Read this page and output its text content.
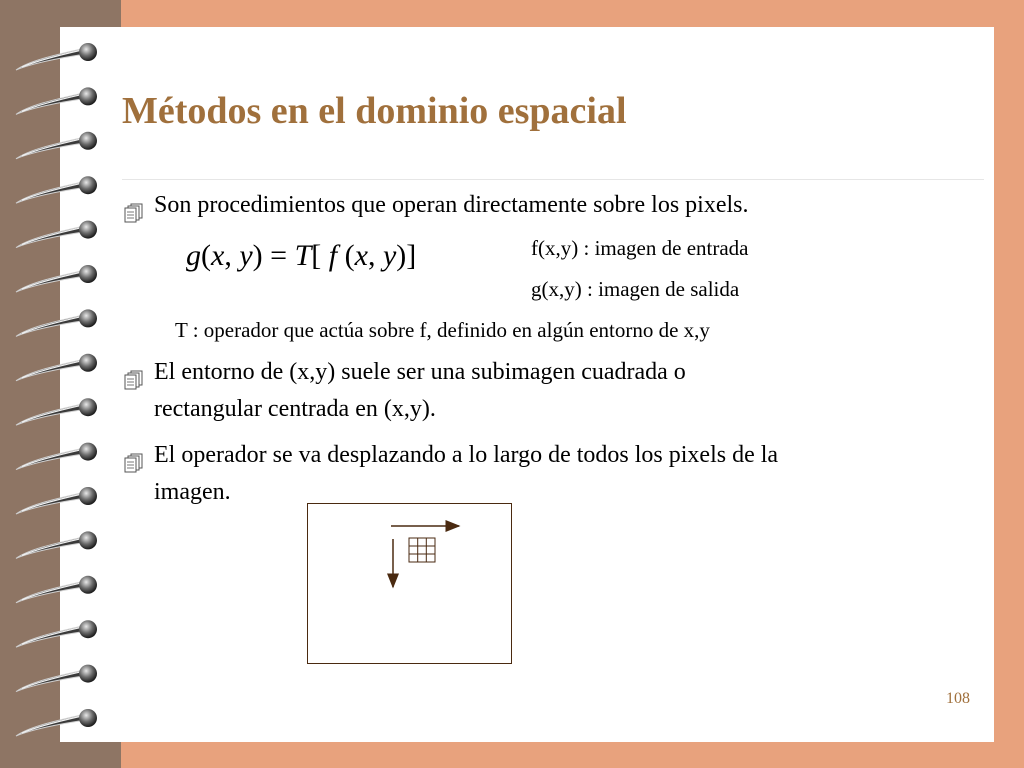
Métodos en el dominio espacial
Son procedimientos que operan directamente sobre los pixels.
g(x, y) = T[ f (x, y)]	f(x,y) : imagen de entrada
g(x,y) : imagen de salida
T : operador que actúa sobre f, definido en algún entorno de x,y
El entorno de (x,y) suele ser una subimagen cuadrada o
rectangular centrada en (x,y).
El operador se va desplazando a lo largo de todos los pixels de la
imagen.
108
